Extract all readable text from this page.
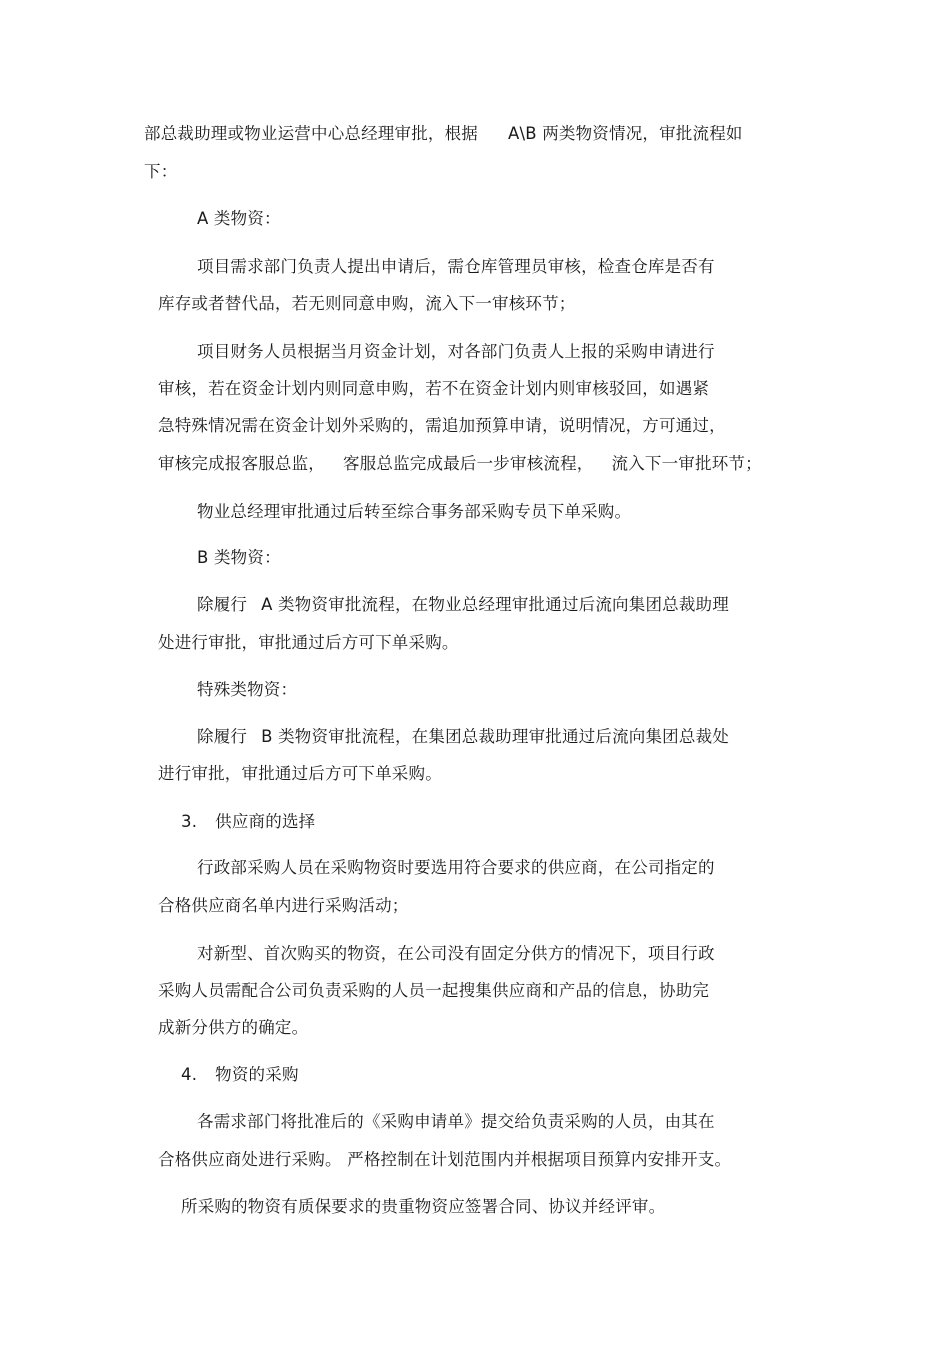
部总裁助理或物业运营中心总经理审批，根据 A\B 两类物资情况，审批流程如
下：
A 类物资：
项目需求部门负责人提出申请后，需仓库管理员审核，检查仓库是否有
库存或者替代品，若无则同意申购，流入下一审核环节；
项目财务人员根据当月资金计划，对各部门负责人上报的采购申请进行
审核，若在资金计划内则同意申购，若不在资金计划内则审核驳回，如遇紧
急特殊情况需在资金计划外采购的，需追加预算申请，说明情况，方可通过，
审核完成报客服总监， 客服总监完成最后一步审核流程， 流入下一审批环节；
物业总经理审批通过后转至综合事务部采购专员下单采购。
B 类物资：
除履行 A 类物资审批流程，在物业总经理审批通过后流向集团总裁助理
处进行审批，审批通过后方可下单采购。
特殊类物资：
除履行 B 类物资审批流程，在集团总裁助理审批通过后流向集团总裁处
进行审批，审批通过后方可下单采购。
3. 供应商的选择
行政部采购人员在采购物资时要选用符合要求的供应商，在公司指定的
合格供应商名单内进行采购活动；
对新型、首次购买的物资，在公司没有固定分供方的情况下，项目行政
采购人员需配合公司负责采购的人员一起搜集供应商和产品的信息，协助完
成新分供方的确定。
4. 物资的采购
各需求部门将批准后的《采购申请单》提交给负责采购的人员，由其在
合格供应商处进行采购。 严格控制在计划范围内并根据项目预算内安排开支。
所采购的物资有质保要求的贵重物资应签署合同、协议并经评审。
